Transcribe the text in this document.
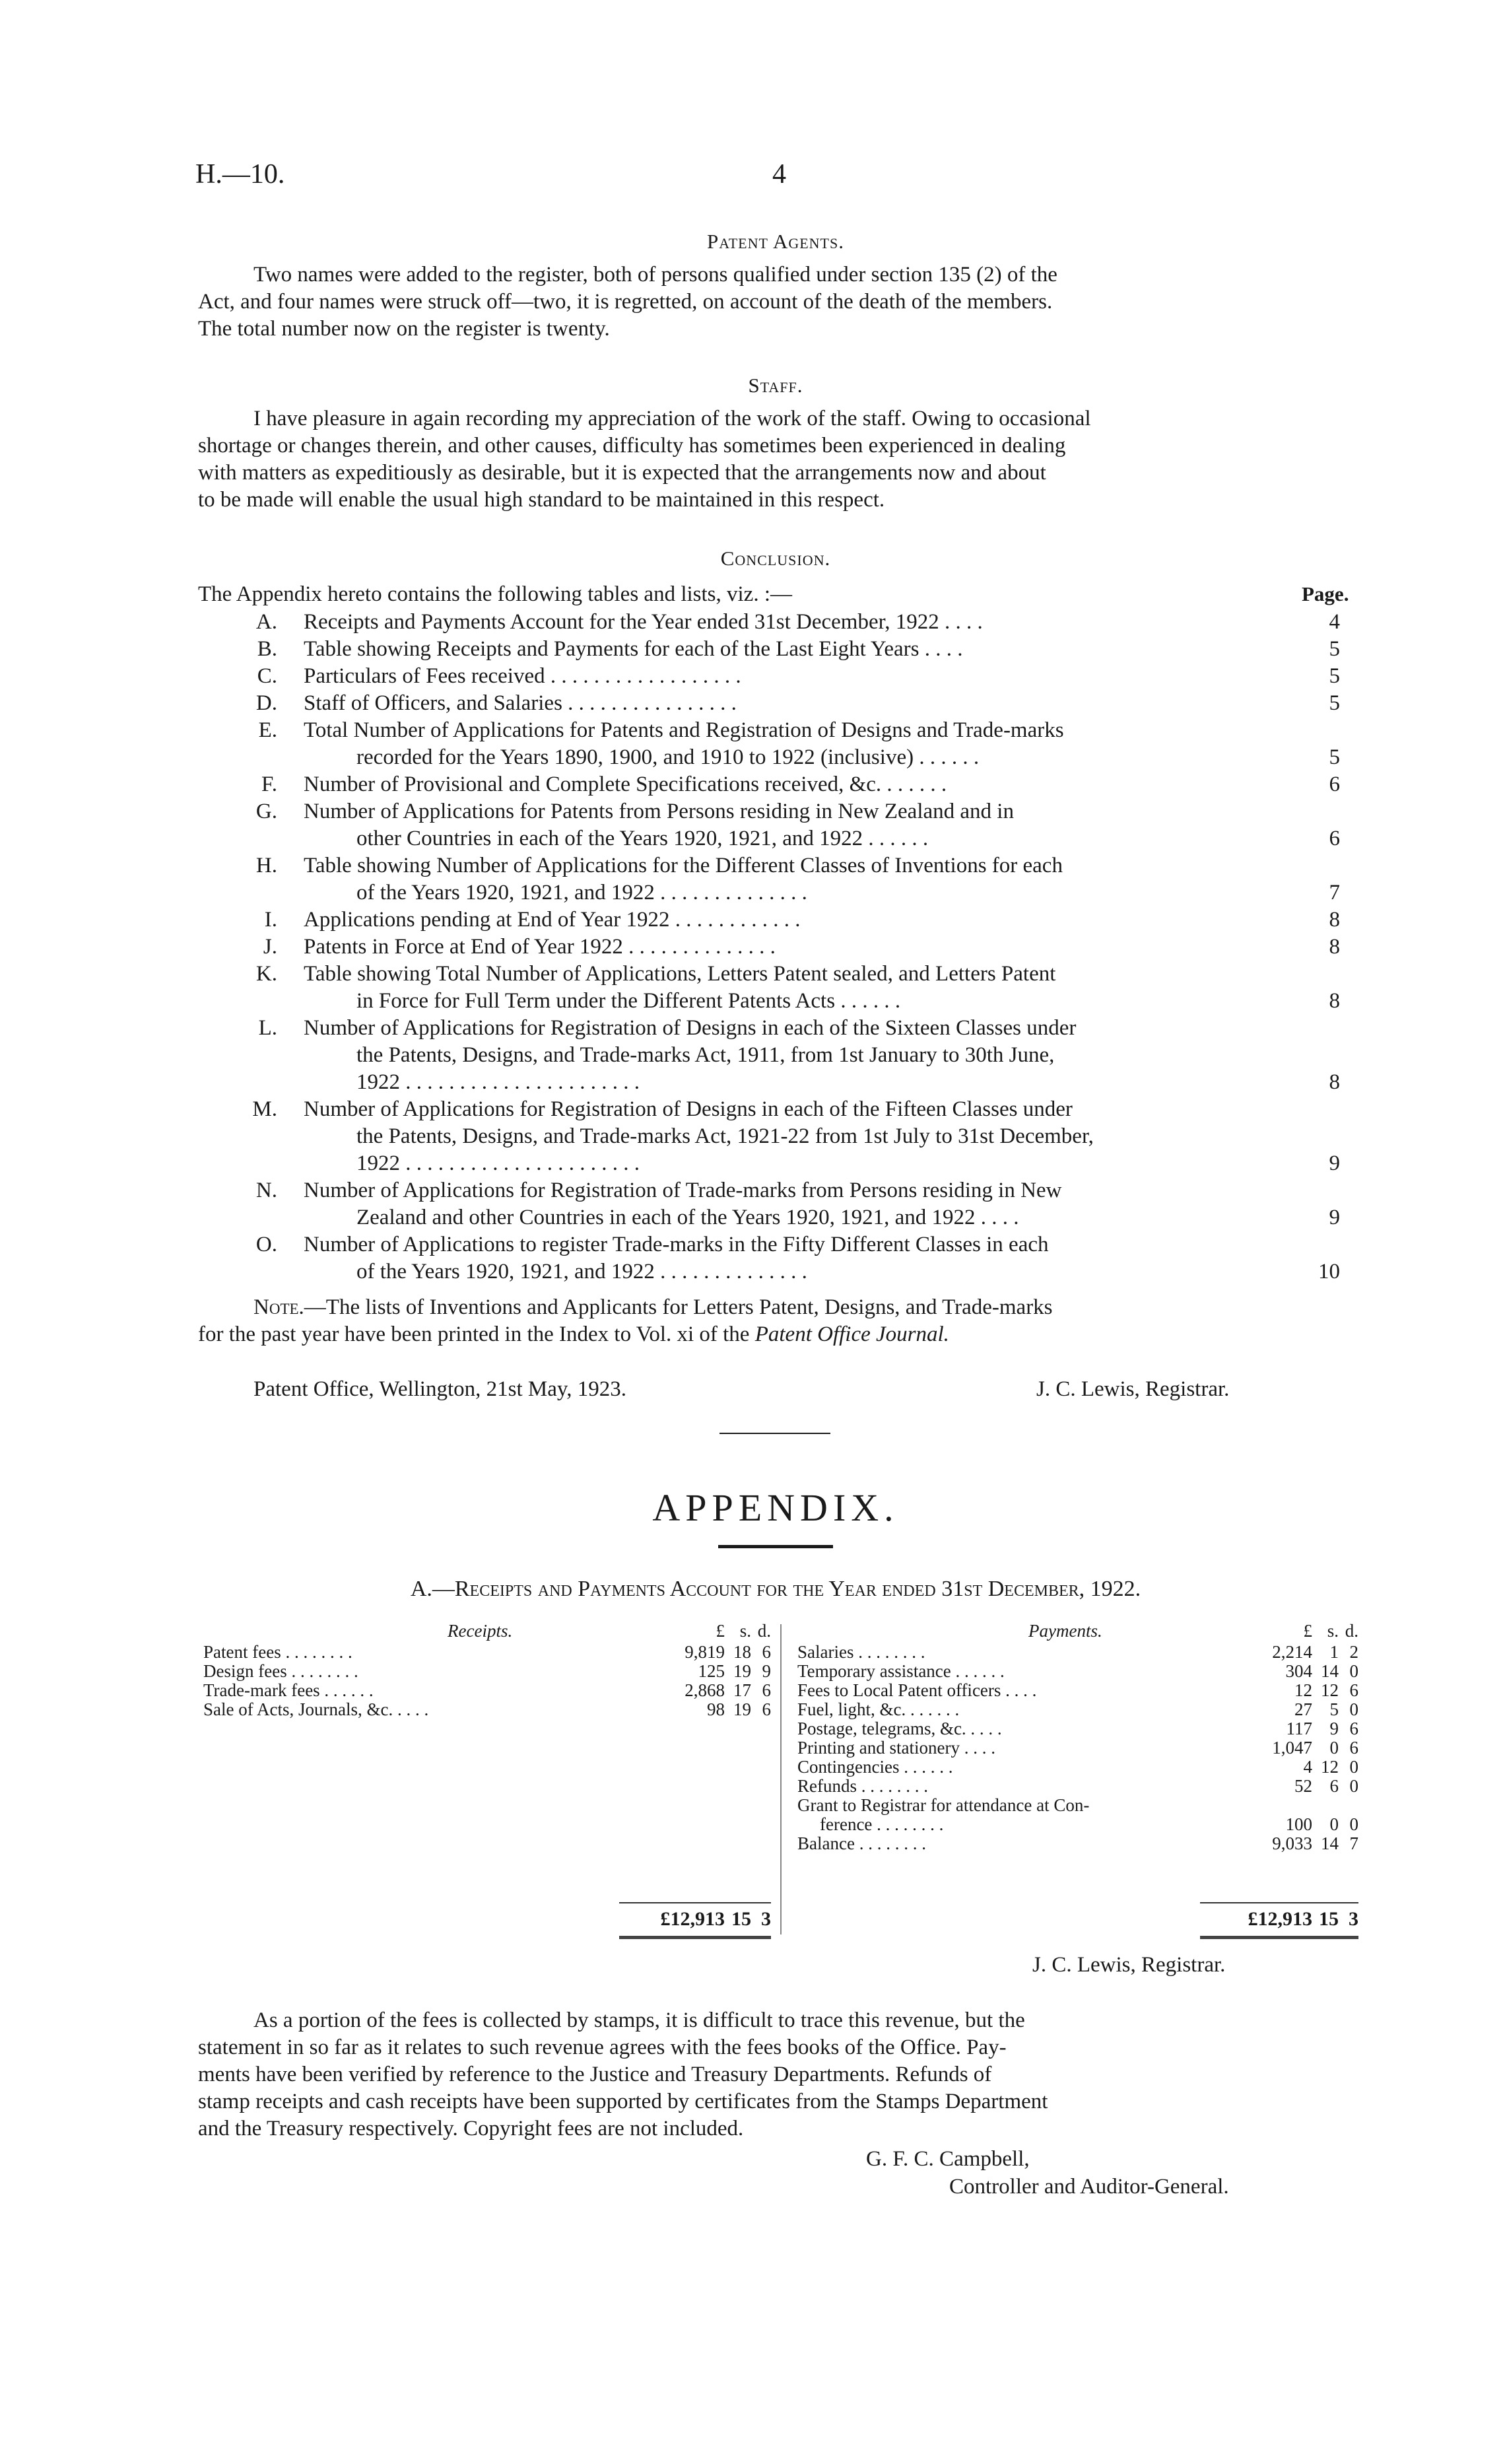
H.—10.	4
Patent Agents.
Two names were added to the register, both of persons qualified under section 135 (2) of the
Act, and four names were struck off—two, it is regretted, on account of the death of the members.
The total number now on the register is twenty.
Staff.
I have pleasure in again recording my appreciation of the work of the staff. Owing to occasional
shortage or changes therein, and other causes, difficulty has sometimes been experienced in dealing
with matters as expeditiously as desirable, but it is expected that the arrangements now and about
to be made will enable the usual high standard to be maintained in this respect.
Conclusion.
The Appendix hereto contains the following tables and lists, viz. :—	Page.
A. Receipts and Payments Account for the Year ended 31st December, 1922 . . . .	4
B. Table showing Receipts and Payments for each of the Last Eight Years . . . .	5
C. Particulars of Fees received . . . . . . . . . . . . . . . . . .	5
D. Staff of Officers, and Salaries . . . . . . . . . . . . . . . .	5
E. Total Number of Applications for Patents and Registration of Designs and Trade-marks
recorded for the Years 1890, 1900, and 1910 to 1922 (inclusive) . . . . . .	5
F. Number of Provisional and Complete Specifications received, &c. . . . . . .	6
G. Number of Applications for Patents from Persons residing in New Zealand and in
other Countries in each of the Years 1920, 1921, and 1922 . . . . . .	6
H. Table showing Number of Applications for the Different Classes of Inventions for each
of the Years 1920, 1921, and 1922 . . . . . . . . . . . . . .	7
I. Applications pending at End of Year 1922 . . . . . . . . . . . .	8
J. Patents in Force at End of Year 1922 . . . . . . . . . . . . . .	8
K. Table showing Total Number of Applications, Letters Patent sealed, and Letters Patent
in Force for Full Term under the Different Patents Acts . . . . . .	8
L. Number of Applications for Registration of Designs in each of the Sixteen Classes under
the Patents, Designs, and Trade-marks Act, 1911, from 1st January to 30th June,
1922 . . . . . . . . . . . . . . . . . . . . . .	8
M. Number of Applications for Registration of Designs in each of the Fifteen Classes under
the Patents, Designs, and Trade-marks Act, 1921-22 from 1st July to 31st December,
1922 . . . . . . . . . . . . . . . . . . . . . .	9
N. Number of Applications for Registration of Trade-marks from Persons residing in New
Zealand and other Countries in each of the Years 1920, 1921, and 1922 . . . .	9
O. Number of Applications to register Trade-marks in the Fifty Different Classes in each
of the Years 1920, 1921, and 1922 . . . . . . . . . . . . . .	10
Note.—The lists of Inventions and Applicants for Letters Patent, Designs, and Trade-marks
for the past year have been printed in the Index to Vol. xi of the Patent Office Journal.
Patent Office, Wellington, 21st May, 1923.	J. C. Lewis, Registrar.
APPENDIX.
A.—Receipts and Payments Account for the Year ended 31st December, 1922.
Receipts.	£ s. d.
Patent fees . . . . . . . .	9,819 18 6
Design fees . . . . . . . .	125 19 9
Trade-mark fees . . . . . .	2,868 17 6
Sale of Acts, Journals, &c. . . . .	98 19 6
£12,913 15 3
Payments.	£ s. d.
Salaries . . . . . . . .	2,214 1 2
Temporary assistance . . . . . .	304 14 0
Fees to Local Patent officers . . . .	12 12 6
Fuel, light, &c. . . . . . .	27 5 0
Postage, telegrams, &c. . . . .	117 9 6
Printing and stationery . . . .	1,047 0 6
Contingencies . . . . . .	4 12 0
Refunds . . . . . . . .	52 6 0
Grant to Registrar for attendance at Con-
ference . . . . . . . .	100 0 0
Balance . . . . . . . .	9,033 14 7
£12,913 15 3
J. C. Lewis, Registrar.
As a portion of the fees is collected by stamps, it is difficult to trace this revenue, but the
statement in so far as it relates to such revenue agrees with the fees books of the Office. Pay-
ments have been verified by reference to the Justice and Treasury Departments. Refunds of
stamp receipts and cash receipts have been supported by certificates from the Stamps Department
and the Treasury respectively. Copyright fees are not included.
G. F. C. Campbell,
Controller and Auditor-General.
